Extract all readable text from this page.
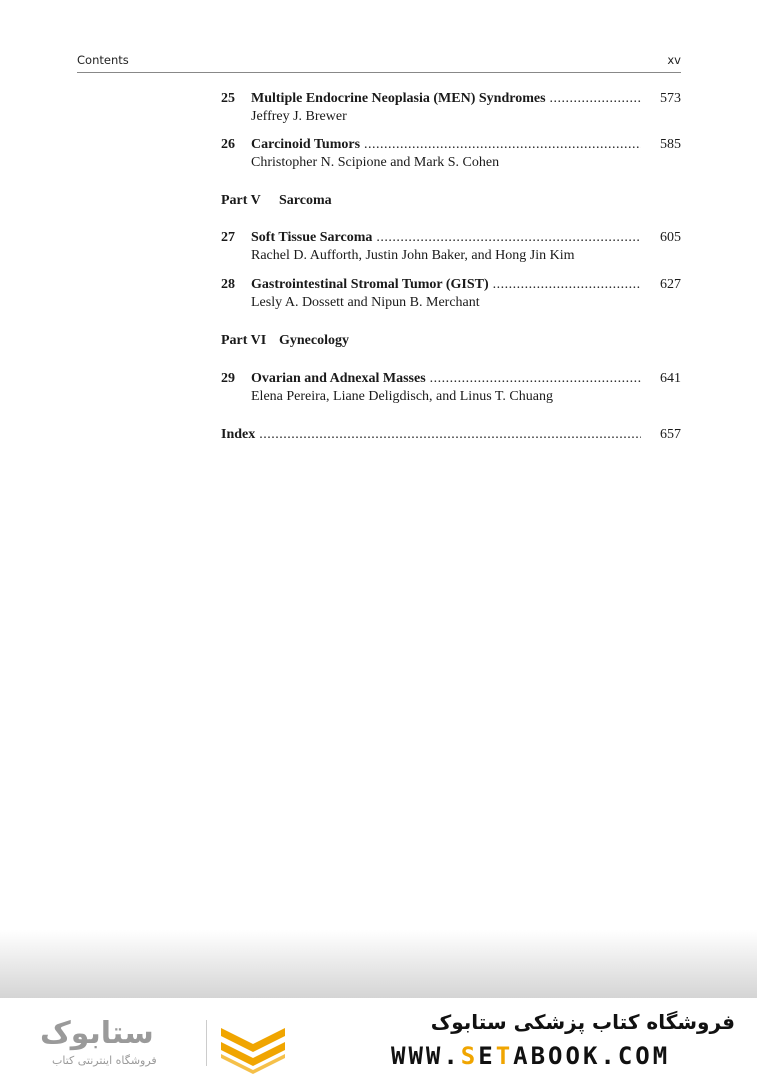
Contents	xv
25 Multiple Endocrine Neoplasia (MEN) Syndromes .....	573
Jeffrey J. Brewer
26 Carcinoid Tumors .....	585
Christopher N. Scipione and Mark S. Cohen
Part V Sarcoma
27 Soft Tissue Sarcoma .....	605
Rachel D. Aufforth, Justin John Baker, and Hong Jin Kim
28 Gastrointestinal Stromal Tumor (GIST) .....	627
Lesly A. Dossett and Nipun B. Merchant
Part VI Gynecology
29 Ovarian and Adnexal Masses .....	641
Elena Pereira, Liane Deligdisch, and Linus T. Chuang
Index .....	657
ستابوک
فروشگاه اینترنتی کتاب
فروشگاه کتاب پزشکی ستابوک
WWW.SETABOOK.COM
